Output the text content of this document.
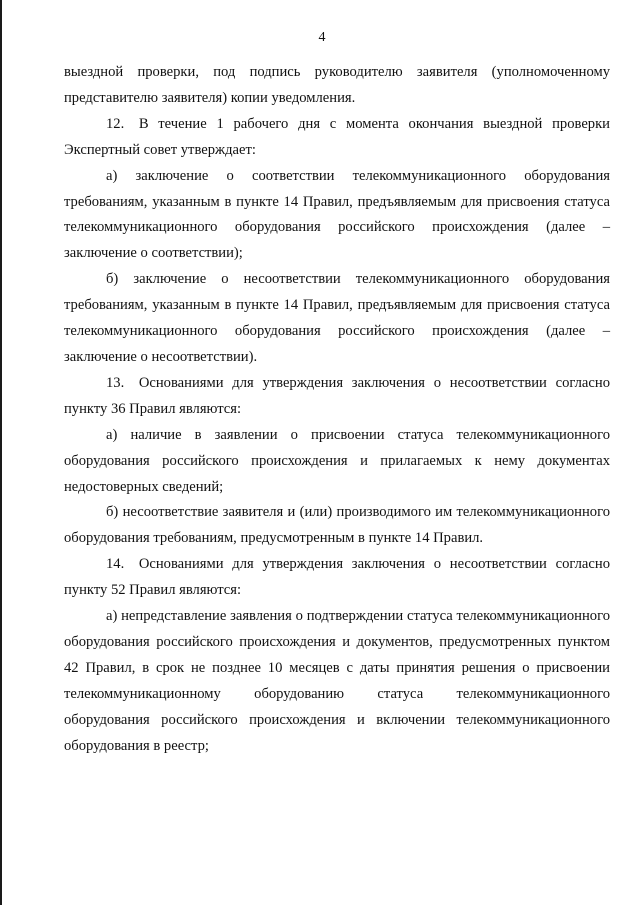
4

выездной проверки, под подпись руководителю заявителя (уполномоченному представителю заявителя) копии уведомления.

12. В течение 1 рабочего дня с момента окончания выездной проверки Экспертный совет утверждает:

а) заключение о соответствии телекоммуникационного оборудования требованиям, указанным в пункте 14 Правил, предъявляемым для присвоения статуса телекоммуникационного оборудования российского происхождения (далее – заключение о соответствии);

б) заключение о несоответствии телекоммуникационного оборудования требованиям, указанным в пункте 14 Правил, предъявляемым для присвоения статуса телекоммуникационного оборудования российского происхождения (далее – заключение о несоответствии).

13. Основаниями для утверждения заключения о несоответствии согласно пункту 36 Правил являются:

а) наличие в заявлении о присвоении статуса телекоммуникационного оборудования российского происхождения и прилагаемых к нему документах недостоверных сведений;

б) несоответствие заявителя и (или) производимого им телекоммуникационного оборудования требованиям, предусмотренным в пункте 14 Правил.

14. Основаниями для утверждения заключения о несоответствии согласно пункту 52 Правил являются:

а) непредставление заявления о подтверждении статуса телекоммуникационного оборудования российского происхождения и документов, предусмотренных пунктом 42 Правил, в срок не позднее 10 месяцев с даты принятия решения о присвоении телекоммуникационному оборудованию статуса телекоммуникационного оборудования российского происхождения и включении телекоммуникационного оборудования в реестр;
